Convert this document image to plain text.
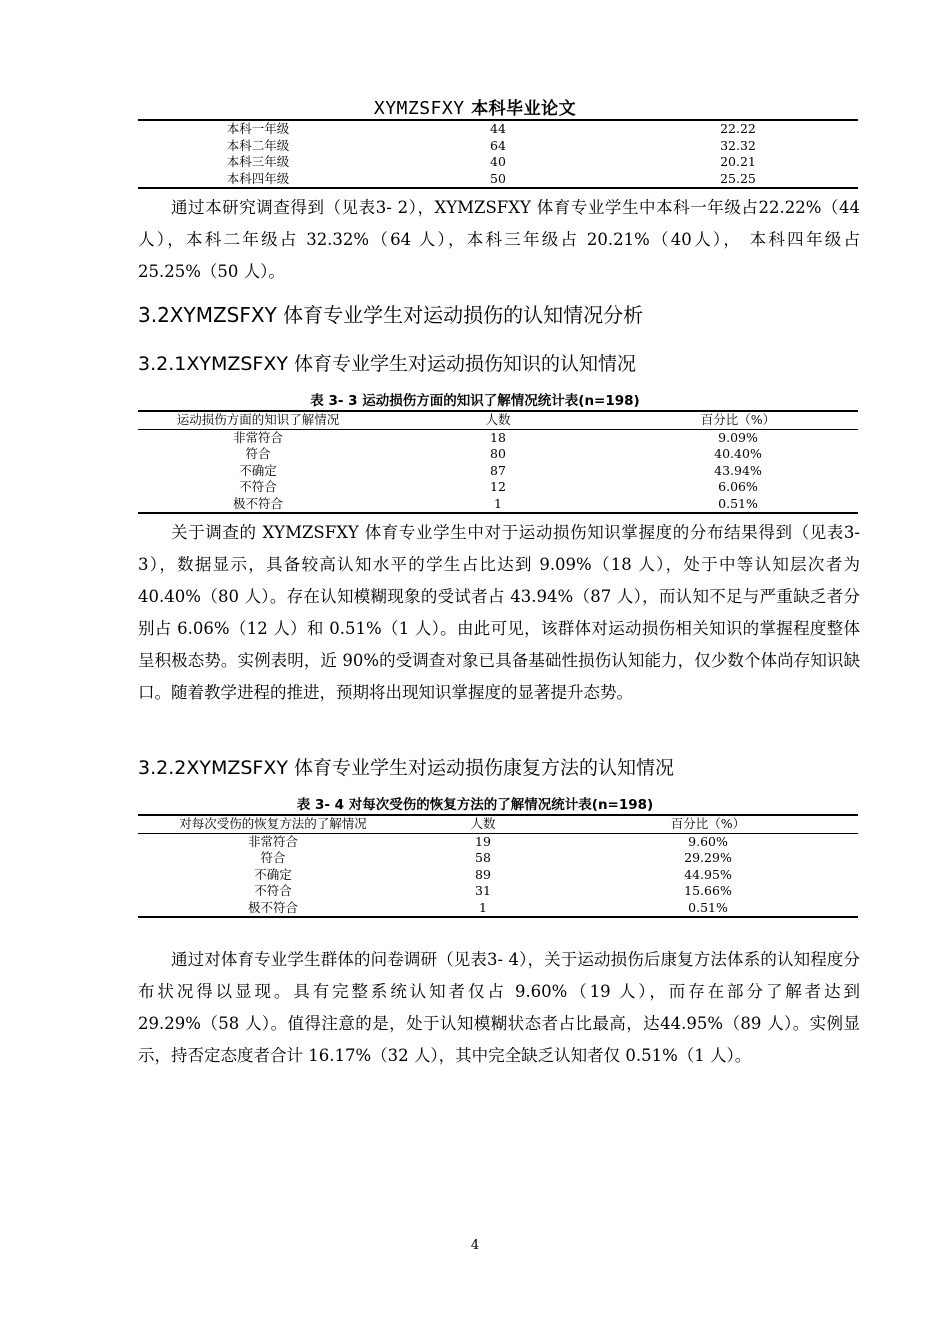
XYMZSFXY 本科毕业论文
本科一年级	44	22.22
本科二年级	64	32.32
本科三年级	40	20.21
本科四年级	50	25.25
通过本研究调查得到（见表3- 2），XYMZSFXY 体育专业学生中本科一年级占22.22%（44 人），本科二年级占 32.32%（64 人），本科三年级占 20.21%（40人）， 本科四年级占 25.25%（50 人）。
3.2XYMZSFXY 体育专业学生对运动损伤的认知情况分析
3.2.1XYMZSFXY 体育专业学生对运动损伤知识的认知情况
表 3- 3 运动损伤方面的知识了解情况统计表(n=198)
运动损伤方面的知识了解情况	人数	百分比（%）
非常符合	18	9.09%
符合	80	40.40%
不确定	87	43.94%
不符合	12	6.06%
极不符合	1	0.51%
关于调查的 XYMZSFXY 体育专业学生中对于运动损伤知识掌握度的分布结果得到（见表3- 3），数据显示，具备较高认知水平的学生占比达到 9.09%（18 人），处于中等认知层次者为 40.40%（80 人）。存在认知模糊现象的受试者占 43.94%（87 人），而认知不足与严重缺乏者分别占 6.06%（12 人）和 0.51%（1 人）。由此可见，该群体对运动损伤相关知识的掌握程度整体呈积极态势。实例表明，近 90%的受调查对象已具备基础性损伤认知能力，仅少数个体尚存知识缺口。随着教学进程的推进，预期将出现知识掌握度的显著提升态势。
3.2.2XYMZSFXY 体育专业学生对运动损伤康复方法的认知情况
表 3- 4 对每次受伤的恢复方法的了解情况统计表(n=198)
对每次受伤的恢复方法的了解情况	人数	百分比（%）
非常符合	19	9.60%
符合	58	29.29%
不确定	89	44.95%
不符合	31	15.66%
极不符合	1	0.51%
通过对体育专业学生群体的问卷调研（见表3- 4），关于运动损伤后康复方法体系的认知程度分布状况得以显现。具有完整系统认知者仅占 9.60%（19 人），而存在部分了解者达到 29.29%（58 人）。值得注意的是，处于认知模糊状态者占比最高，达44.95%（89 人）。实例显示，持否定态度者合计 16.17%（32 人），其中完全缺乏认知者仅 0.51%（1 人）。
4
